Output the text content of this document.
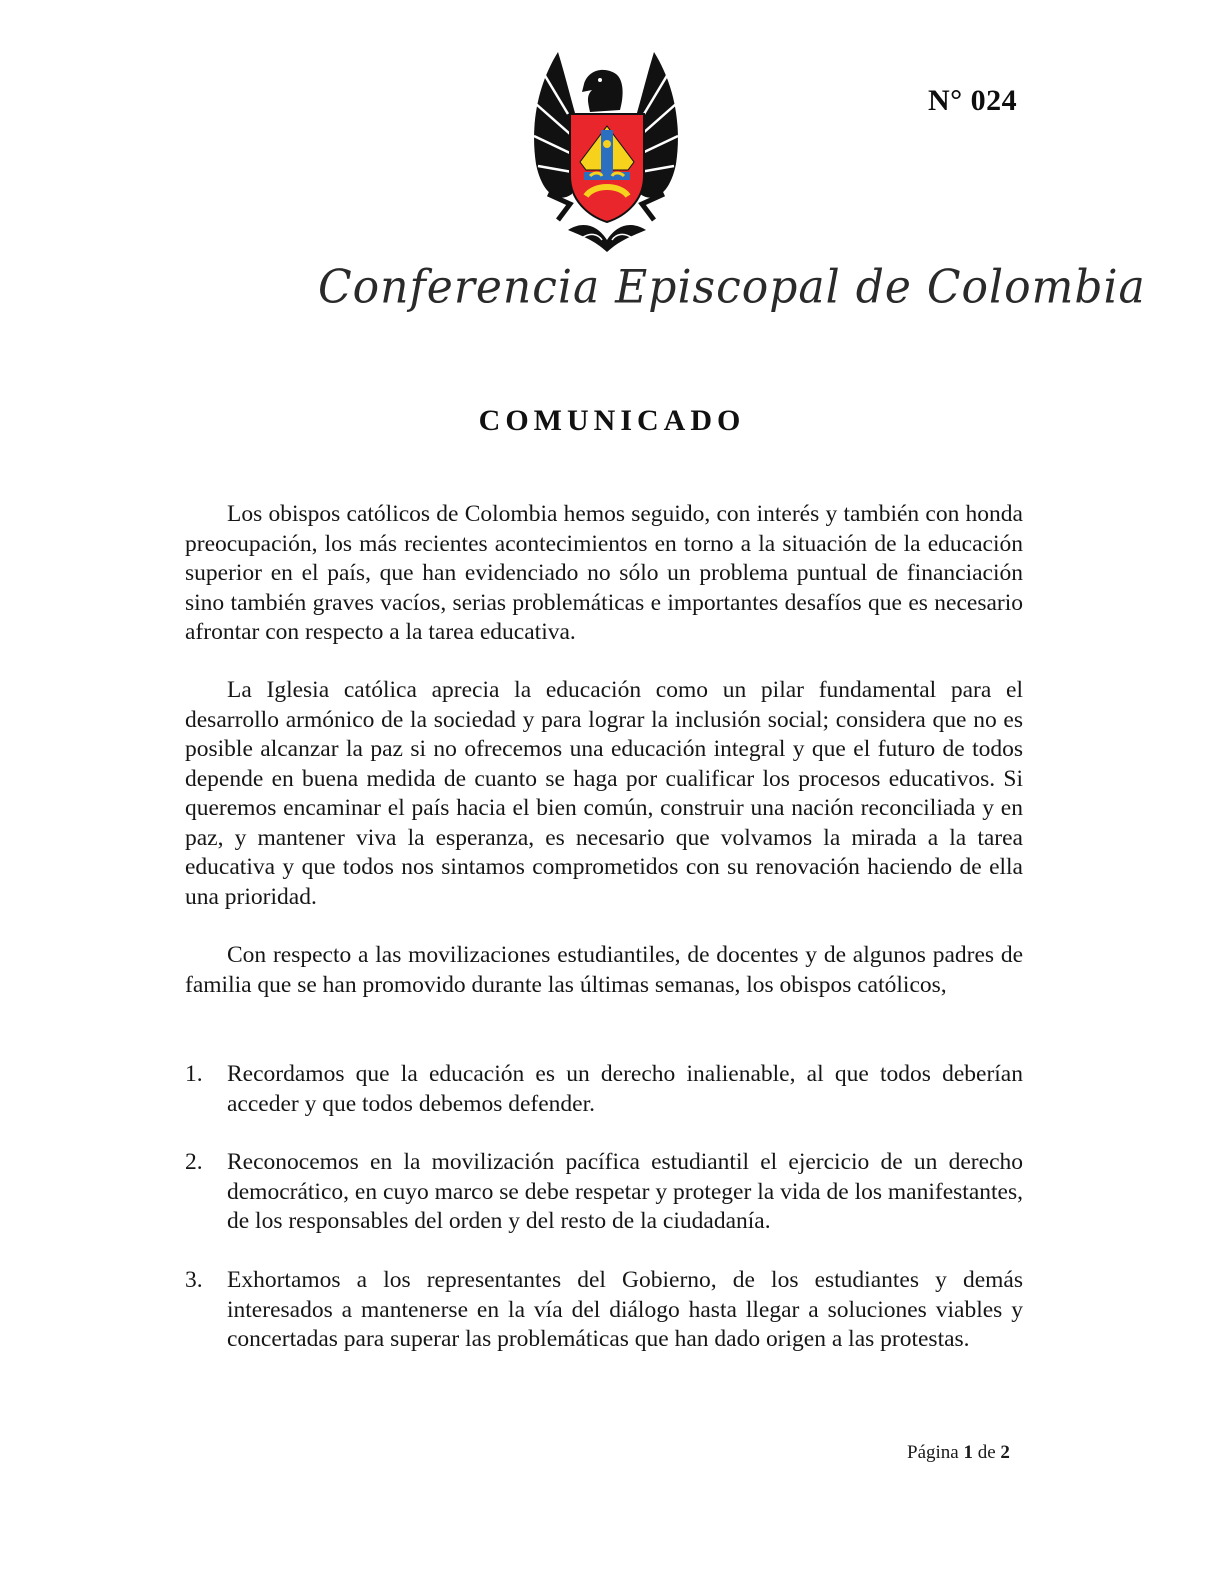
N° 024
Conferencia Episcopal de Colombia
COMUNICADO

Los obispos católicos de Colombia hemos seguido, con interés y también con honda preocupación, los más recientes acontecimientos en torno a la situación de la educación superior en el país, que han evidenciado no sólo un problema puntual de financiación sino también graves vacíos, serias problemáticas e importantes desafíos que es necesario afrontar con respecto a la tarea educativa.

La Iglesia católica aprecia la educación como un pilar fundamental para el desarrollo armónico de la sociedad y para lograr la inclusión social; considera que no es posible alcanzar la paz si no ofrecemos una educación integral y que el futuro de todos depende en buena medida de cuanto se haga por cualificar los procesos educativos. Si queremos encaminar el país hacia el bien común, construir una nación reconciliada y en paz, y mantener viva la esperanza, es necesario que volvamos la mirada a la tarea educativa y que todos nos sintamos comprometidos con su renovación haciendo de ella una prioridad.

Con respecto a las movilizaciones estudiantiles, de docentes y de algunos padres de familia que se han promovido durante las últimas semanas, los obispos católicos,

1.	Recordamos que la educación es un derecho inalienable, al que todos deberían acceder y que todos debemos defender.
2.	Reconocemos en la movilización pacífica estudiantil el ejercicio de un derecho democrático, en cuyo marco se debe respetar y proteger la vida de los manifestantes, de los responsables del orden y del resto de la ciudadanía.
3.	Exhortamos a los representantes del Gobierno, de los estudiantes y demás interesados a mantenerse en la vía del diálogo hasta llegar a soluciones viables y concertadas para superar las problemáticas que han dado origen a las protestas.
Página 1 de 2
